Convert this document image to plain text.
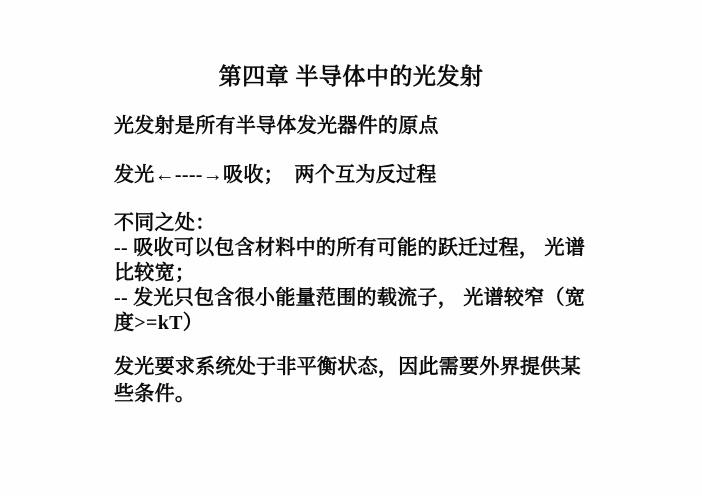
第四章 半导体中的光发射
光发射是所有半导体发光器件的原点
发光←----→吸收；  两个互为反过程
不同之处：
-- 吸收可以包含材料中的所有可能的跃迁过程， 光谱
比较宽；
-- 发光只包含很小能量范围的载流子， 光谱较窄（宽
度>=kT）
发光要求系统处于非平衡状态，因此需要外界提供某
些条件。
